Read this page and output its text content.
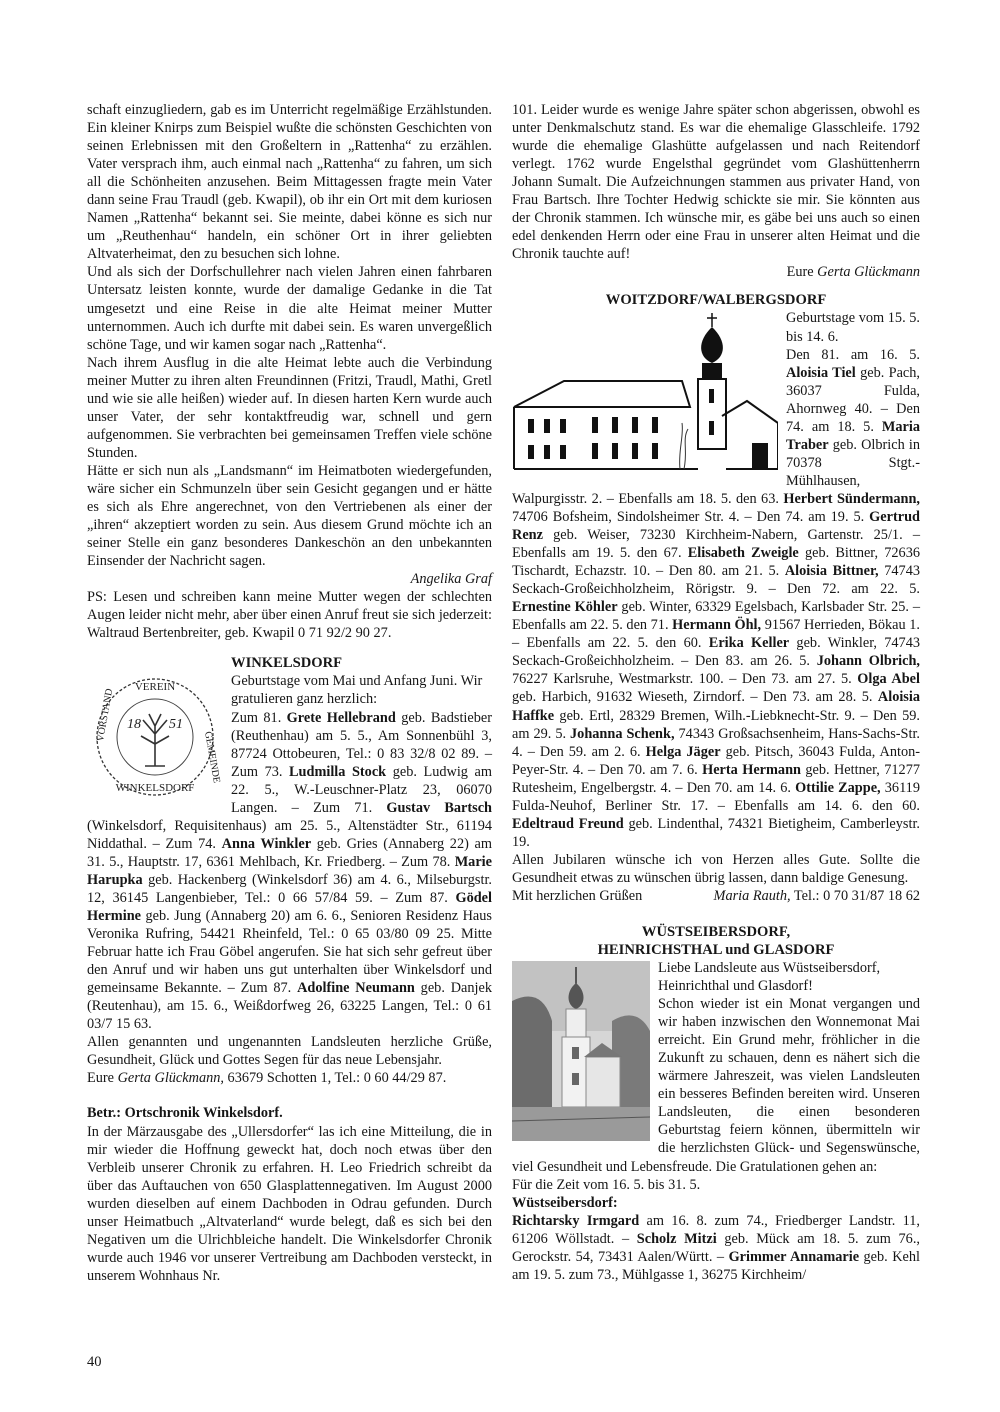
schaft einzugliedern, gab es im Unterricht regelmäßige Erzählstunden. Ein kleiner Knirps zum Beispiel wußte die schönsten Geschichten von seinen Erlebnissen mit den Großeltern in „Rattenha“ zu erzählen. Vater versprach ihm, auch einmal nach „Rattenha“ zu fahren, um sich all die Schönheiten anzusehen. Beim Mittagessen fragte mein Vater dann seine Frau Traudl (geb. Kwapil), ob ihr ein Ort mit dem kuriosen Namen „Rattenha“ bekannt sei. Sie meinte, dabei könne es sich nur um „Reuthenhau“ handeln, ein schöner Ort in ihrer geliebten Altvaterheimat, den zu besuchen sich lohne.

Und als sich der Dorfschullehrer nach vielen Jahren einen fahrbaren Untersatz leisten konnte, wurde der damalige Gedanke in die Tat umgesetzt und eine Reise in die alte Heimat meiner Mutter unternommen. Auch ich durfte mit dabei sein. Es waren unvergeßlich schöne Tage, und wir kamen sogar nach „Rattenha“.

Nach ihrem Ausflug in die alte Heimat lebte auch die Verbindung meiner Mutter zu ihren alten Freundinnen (Fritzi, Traudl, Mathi, Gretl und wie sie alle heißen) wieder auf. In diesen harten Kern wurde auch unser Vater, der sehr kontaktfreudig war, schnell und gern aufgenommen. Sie verbrachten bei gemeinsamen Treffen viele schöne Stunden.

Hätte er sich nun als „Landsmann“ im Heimatboten wiedergefunden, wäre sicher ein Schmunzeln über sein Gesicht gegangen und er hätte es sich als Ehre angerechnet, von den Vertriebenen als einer der „ihren“ akzeptiert worden zu sein. Aus diesem Grund möchte ich an seiner Stelle ein ganz besonderes Dankeschön an den unbekannten Einsender der Nachricht sagen.

Angelika Graf

PS: Lesen und schreiben kann meine Mutter wegen der schlechten Augen leider nicht mehr, aber über einen Anruf freut sie sich jederzeit: Waltraud Bertenbreiter, geb. Kwapil 0 71 92/2 90 27.

WINKELSDORF
VEREIN
WINKELSDORF
VORSTAND
GEMEINDE
18 51

Geburtstage vom Mai und Anfang Juni. Wir gratulieren ganz herzlich:

Zum 81. Grete Hellebrand geb. Badstieber (Reuthenhau) am 5. 5., Am Sonnenbühl 3, 87724 Ottobeuren, Tel.: 0 83 32/8 02 89. – Zum 73. Ludmilla Stock geb. Ludwig am 22. 5., W.-Leuschner-Platz 23, 06070 Langen. – Zum 71. Gustav Bartsch (Winkelsdorf, Requisitenhaus) am 25. 5., Altenstädter Str., 61194 Niddathal. – Zum 74. Anna Winkler geb. Gries (Annaberg 22) am 31. 5., Hauptstr. 17, 6361 Mehlbach, Kr. Friedberg. – Zum 78. Marie Harupka geb. Hackenberg (Winkelsdorf 36) am 4. 6., Milseburgstr. 12, 36145 Langenbieber, Tel.: 0 66 57/84 59. – Zum 87. Gödel Hermine geb. Jung (Annaberg 20) am 6. 6., Senioren Residenz Haus Veronika Rufring, 54421 Rheinfeld, Tel.: 0 65 03/80 09 25. Mitte Februar hatte ich Frau Göbel angerufen. Sie hat sich sehr gefreut über den Anruf und wir haben uns gut unterhalten über Winkelsdorf und gemeinsame Bekannte. – Zum 87. Adolfine Neumann geb. Danjek (Reutenhau), am 15. 6., Weißdorfweg 26, 63225 Langen, Tel.: 0 61 03/7 15 63.

Allen genannten und ungenannten Landsleuten herzliche Grüße, Gesundheit, Glück und Gottes Segen für das neue Lebensjahr.

Eure Gerta Glückmann, 63679 Schotten 1, Tel.: 0 60 44/29 87.

Betr.: Ortschronik Winkelsdorf.

In der Märzausgabe des „Ullersdorfer“ las ich eine Mitteilung, die in mir wieder die Hoffnung geweckt hat, doch noch etwas über den Verbleib unserer Chronik zu erfahren. H. Leo Friedrich schreibt da über das Auftauchen von 650 Glasplattennegativen. Im August 2000 wurden dieselben auf einem Dachboden in Odrau gefunden. Durch unser Heimatbuch „Altvaterland“ wurde belegt, daß es sich bei den Negativen um die Ulrichbleiche handelt. Die Winkelsdorfer Chronik wurde auch 1946 vor unserer Vertreibung am Dachboden versteckt, in unserem Wohnhaus Nr.

101. Leider wurde es wenige Jahre später schon abgerissen, obwohl es unter Denkmalschutz stand. Es war die ehemalige Glasschleife. 1792 wurde die ehemalige Glashütte aufgelassen und nach Reitendorf verlegt. 1762 wurde Engelsthal gegründet vom Glashüttenherrn Johann Sumalt. Die Aufzeichnungen stammen aus privater Hand, von Frau Bartsch. Ihre Tochter Hedwig schickte sie mir. Sie könnten aus der Chronik stammen. Ich wünsche mir, es gäbe bei uns auch so einen edel denkenden Herrn oder eine Frau in unserer alten Heimat und die Chronik tauchte auf!

Eure Gerta Glückmann

WOITZDORF/WALBERGSDORF

Geburtstage vom 15. 5. bis 14. 6.

Den 81. am 16. 5. Aloisia Tiel geb. Pach, 36037 Fulda, Ahornweg 40. – Den 74. am 18. 5. Maria Traber geb. Olbrich in 70378 Stgt.-Mühlhausen, Walpurgisstr. 2. – Ebenfalls am 18. 5. den 63. Herbert Sündermann, 74706 Bofsheim, Sindolsheimer Str. 4. – Den 74. am 19. 5. Gertrud Renz geb. Weiser, 73230 Kirchheim-Nabern, Gartenstr. 25/1. – Ebenfalls am 19. 5. den 67. Elisabeth Zweigle geb. Bittner, 72636 Tischardt, Echazstr. 10. – Den 80. am 21. 5. Aloisia Bittner, 74743 Seckach-Großeichholzheim, Rörigstr. 9. – Den 72. am 22. 5. Ernestine Köhler geb. Winter, 63329 Egelsbach, Karlsbader Str. 25. – Ebenfalls am 22. 5. den 71. Hermann Öhl, 91567 Herrieden, Bökau 1. – Ebenfalls am 22. 5. den 60. Erika Keller geb. Winkler, 74743 Seckach-Großeichholzheim. – Den 83. am 26. 5. Johann Olbrich, 76227 Karlsruhe, Westmarkstr. 100. – Den 73. am 27. 5. Olga Abel geb. Harbich, 91632 Wieseth, Zirndorf. – Den 73. am 28. 5. Aloisia Haffke geb. Ertl, 28329 Bremen, Wilh.-Liebknecht-Str. 9. – Den 59. am 29. 5. Johanna Schenk, 74343 Großsachsenheim, Hans-Sachs-Str. 4. – Den 59. am 2. 6. Helga Jäger geb. Pitsch, 36043 Fulda, Anton-Peyer-Str. 4. – Den 70. am 7. 6. Herta Hermann geb. Hettner, 71277 Rutesheim, Engelbergstr. 4. – Den 70. am 14. 6. Ottilie Zappe, 36119 Fulda-Neuhof, Berliner Str. 17. – Ebenfalls am 14. 6. den 60. Edeltraud Freund geb. Lindenthal, 74321 Bietigheim, Camberleystr. 19.

Allen Jubilaren wünsche ich von Herzen alles Gute. Sollte die Gesundheit etwas zu wünschen übrig lassen, dann baldige Genesung.

Mit herzlichen Grüßen	Maria Rauth, Tel.: 0 70 31/87 18 62

WÜSTSEIBERSDORF,
HEINRICHSTHAL und GLASDORF

Liebe Landsleute aus Wüstseibersdorf, Heinrichthal und Glasdorf!

Schon wieder ist ein Monat vergangen und wir haben inzwischen den Wonnemonat Mai erreicht. Ein Grund mehr, fröhlicher in die Zukunft zu schauen, denn es nähert sich die wärmere Jahreszeit, was vielen Landsleuten ein besseres Befinden bereiten wird. Unseren Landsleuten, die einen besonderen Geburtstag feiern können, übermitteln wir die herzlichsten Glück- und Segenswünsche, viel Gesundheit und Lebensfreude. Die Gratulationen gehen an:

Für die Zeit vom 16. 5. bis 31. 5.

Wüstseibersdorf:

Richtarsky Irmgard am 16. 8. zum 74., Friedberger Landstr. 11, 61206 Wöllstadt. – Scholz Mitzi geb. Mück am 18. 5. zum 76., Gerockstr. 54, 73431 Aalen/Württ. – Grimmer Annamarie geb. Kehl am 19. 5. zum 73., Mühlgasse 1, 36275 Kirchheim/

40
